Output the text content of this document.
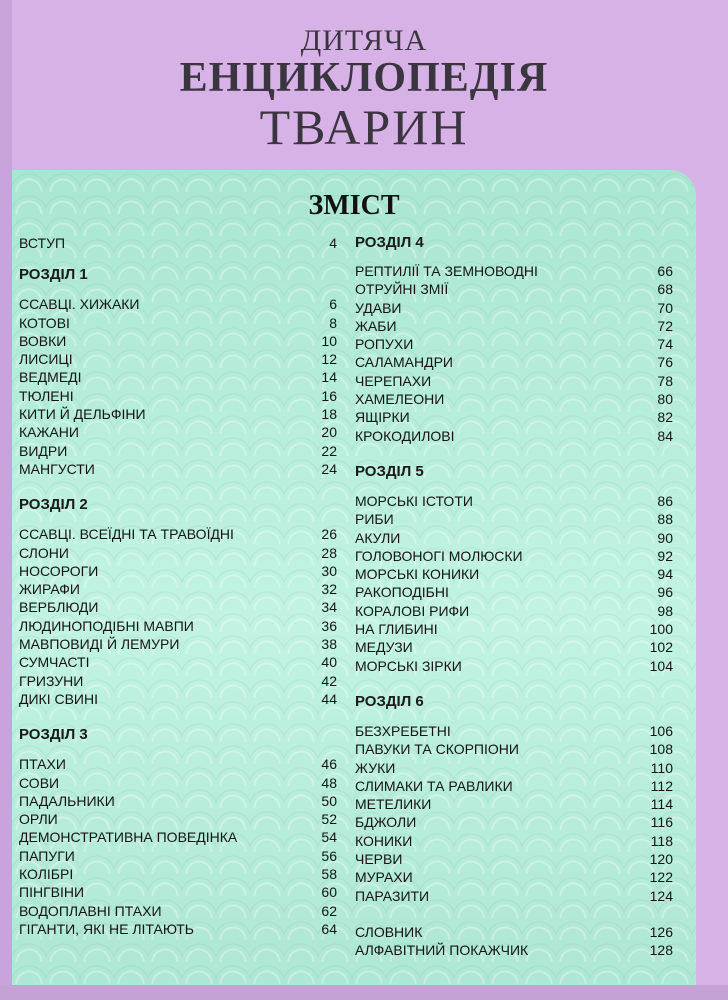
ДИТЯЧА
ЕНЦИКЛОПЕДІЯ
ТВАРИН
ЗМІСТ
ВСТУП	4
РОЗДІЛ 1
ССАВЦІ. ХИЖАКИ	6
КОТОВІ	8
ВОВКИ	10
ЛИСИЦІ	12
ВЕДМЕДІ	14
ТЮЛЕНІ	16
КИТИ Й ДЕЛЬФІНИ	18
КАЖАНИ	20
ВИДРИ	22
МАНГУСТИ	24
РОЗДІЛ 2
ССАВЦІ. ВСЕЇДНІ ТА ТРАВОЇДНІ	26
СЛОНИ	28
НОСОРОГИ	30
ЖИРАФИ	32
ВЕРБЛЮДИ	34
ЛЮДИНОПОДІБНІ МАВПИ	36
МАВПОВИДІ Й ЛЕМУРИ	38
СУМЧАСТІ	40
ГРИЗУНИ	42
ДИКІ СВИНІ	44
РОЗДІЛ 3
ПТАХИ	46
СОВИ	48
ПАДАЛЬНИКИ	50
ОРЛИ	52
ДЕМОНСТРАТИВНА ПОВЕДІНКА	54
ПАПУГИ	56
КОЛІБРІ	58
ПІНГВІНИ	60
ВОДОПЛАВНІ ПТАХИ	62
ГІГАНТИ, ЯКІ НЕ ЛІТАЮТЬ	64
РОЗДІЛ 4
РЕПТИЛІЇ ТА ЗЕМНОВОДНІ	66
ОТРУЙНІ ЗМІЇ	68
УДАВИ	70
ЖАБИ	72
РОПУХИ	74
САЛАМАНДРИ	76
ЧЕРЕПАХИ	78
ХАМЕЛЕОНИ	80
ЯЩІРКИ	82
КРОКОДИЛОВІ	84
РОЗДІЛ 5
МОРСЬКІ ІСТОТИ	86
РИБИ	88
АКУЛИ	90
ГОЛОВОНОГІ МОЛЮСКИ	92
МОРСЬКІ КОНИКИ	94
РАКОПОДІБНІ	96
КОРАЛОВІ РИФИ	98
НА ГЛИБИНІ	100
МЕДУЗИ	102
МОРСЬКІ ЗІРКИ	104
РОЗДІЛ 6
БЕЗХРЕБЕТНІ	106
ПАВУКИ ТА СКОРПІОНИ	108
ЖУКИ	110
СЛИМАКИ ТА РАВЛИКИ	112
МЕТЕЛИКИ	114
БДЖОЛИ	116
КОНИКИ	118
ЧЕРВИ	120
МУРАХИ	122
ПАРАЗИТИ	124
СЛОВНИК	126
АЛФАВІТНИЙ ПОКАЖЧИК	128
